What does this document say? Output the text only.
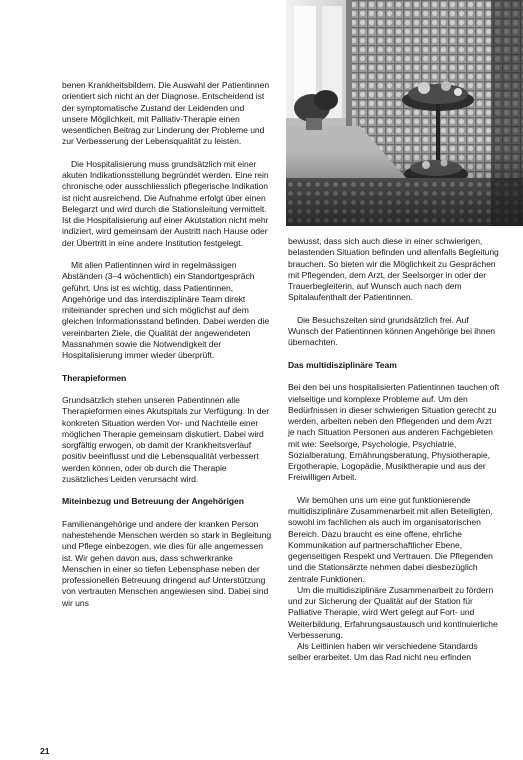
benen Krankheitsbildern. Die Auswahl der Patientinnen orientiert sich nicht an der Diagnose. Entscheidend ist der symptomatische Zustand der Leidenden und unsere Möglichkeit, mit Palliativ-Therapie einen wesentlichen Beitrag zur Linderung der Probleme und zur Verbesserung der Lebensqualität zu leisten.

Die Hospitalisierung muss grundsätzlich mit einer akuten Indikationsstellung begründet werden. Eine rein chronische oder ausschliesslich pflegerische Indikation ist nicht ausreichend. Die Aufnahme erfolgt über einen Belegarzt und wird durch die Stationsleitung vermittelt. Ist die Hospitalisierung auf einer Akutstation nicht mehr indiziert, wird gemeinsam der Austritt nach Hause oder der Übertritt in eine andere Institution festgelegt.

Mit allen Patientinnen wird in regelmässigen Abständen (3–4 wöchentlich) ein Standortgespräch geführt. Uns ist es wichtig, dass Patientinnen, Angehörige und das interdisziplinäre Team direkt miteinander sprechen und sich möglichst auf dem gleichen Informationsstand befinden. Dabei werden die vereinbarten Ziele, die Qualität der angewendeten Massnahmen sowie die Notwendigkeit der Hospitalisierung immer wieder überprüft.

Therapieformen

Grundsätzlich stehen unseren Patientinnen alle Therapieformen eines Akutspitals zur Verfügung. In der konkreten Situation werden Vor- und Nachteile einer möglichen Therapie gemeinsam diskutiert. Dabei wird sorgfältig erwogen, ob damit der Krankheitsverlauf positiv beeinflusst und die Lebensqualität verbessert werden können, oder ob durch die Therapie zusätzliches Leiden verursacht wird.

Miteinbezug und Betreuung der Angehörigen

Familienangehörige und andere der kranken Person nahestehende Menschen werden so stark in Begleitung und Pflege einbezogen, wie dies für alle angemessen ist. Wir gehen davon aus, dass schwerkranke Menschen in einer so tiefen Lebensphase neben der professionellen Betreuung dringend auf Unterstützung von vertrauten Menschen angewiesen sind. Dabei sind wir uns

bewusst, dass sich auch diese in einer schwierigen, belastenden Situation befinden und allenfalls Begleitung brauchen. So bieten wir die Möglichkeit zu Gesprächen mit Pflegenden, dem Arzt, der Seelsorger in oder der Trauerbegleiterin, auf Wunsch auch nach dem Spitalaufenthalt der Patientinnen.

Die Besuchszeiten sind grundsätzlich frei. Auf Wunsch der Patientinnen können Angehörige bei ihnen übernachten.

Das multidisziplinäre Team

Bei den bei uns hospitalisierten Patientinnen tauchen oft vielseitige und komplexe Probleme auf. Um den Bedürfnissen in dieser schwierigen Situation gerecht zu werden, arbeiten neben den Pflegenden und dem Arzt je nach Situation Personen aus anderen Fachgebieten mit wie: Seelsorge, Psychologie, Psychiatrie, Sozialberatung, Ernährungsberatung, Physiotherapie, Ergotherapie, Logopädie, Musiktherapie und aus der Freiwilligen Arbeit.

Wir bemühen uns um eine gut funktionierende multidisziplinäre Zusammenarbeit mit allen Beteiligten, sowohl im fachlichen als auch im organisatorischen Bereich. Dazu braucht es eine offene, ehrliche Kommunikation auf partnerschaftlicher Ebene, gegenseitigen Respekt und Vertrauen. Die Pflegenden und die Stationsärzte nehmen dabei diesbezüglich zentrale Funktionen.

Um die multidisziplinäre Zusammenarbeit zu fördern und zur Sicherung der Qualität auf der Station für Palliative Therapie, wird Wert gelegt auf Fort- und Weiterbildung, Erfahrungsaustausch und kontinuierliche Verbesserung.

Als Leitlinien haben wir verschiedene Standards selber erarbeitet. Um das Rad nicht neu erfinden

21
